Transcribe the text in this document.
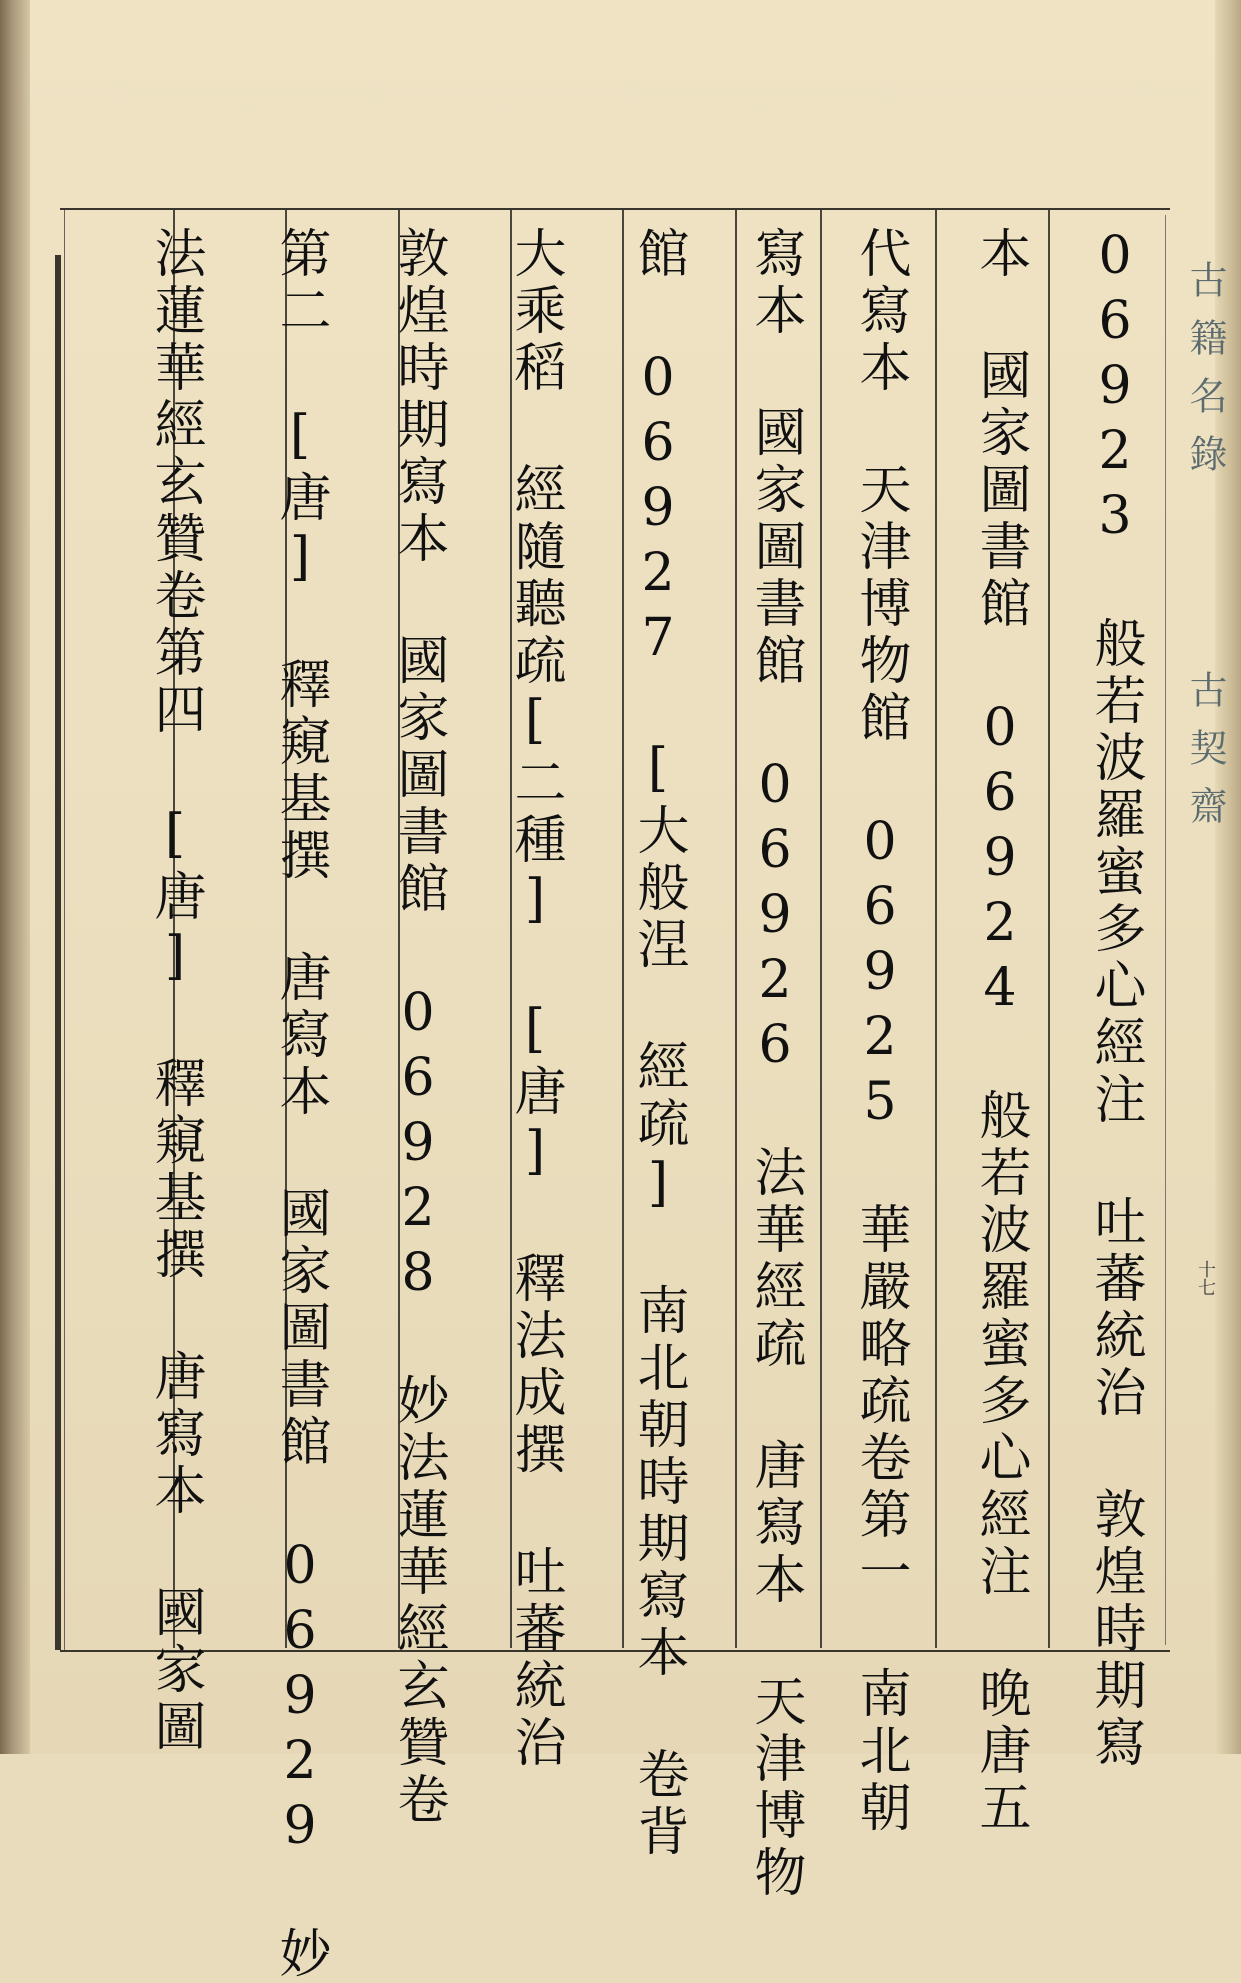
06923 般若波羅蜜多心經注 吐蕃統治 敦煌時期寫
本 國家圖書館 06924 般若波羅蜜多心經注 晚唐五
代寫本 天津博物館 06925 華嚴略疏卷第一 南北朝
寫本 國家圖書館 06926 法華經疏 唐寫本 天津博物
館 06927 [大般涅 經疏] 南北朝時期寫本 卷背
大乘稻 經隨聽疏[二種] [唐] 釋法成撰 吐蕃統治
敦煌時期寫本 國家圖書館 06928 妙法蓮華經玄贊卷
第二 [唐] 釋窺基撰 唐寫本 國家圖書館 06929 妙
法蓮華經玄贊卷第四 [唐] 釋窺基撰 唐寫本 國家圖	古籍名錄
古契齋
十七
